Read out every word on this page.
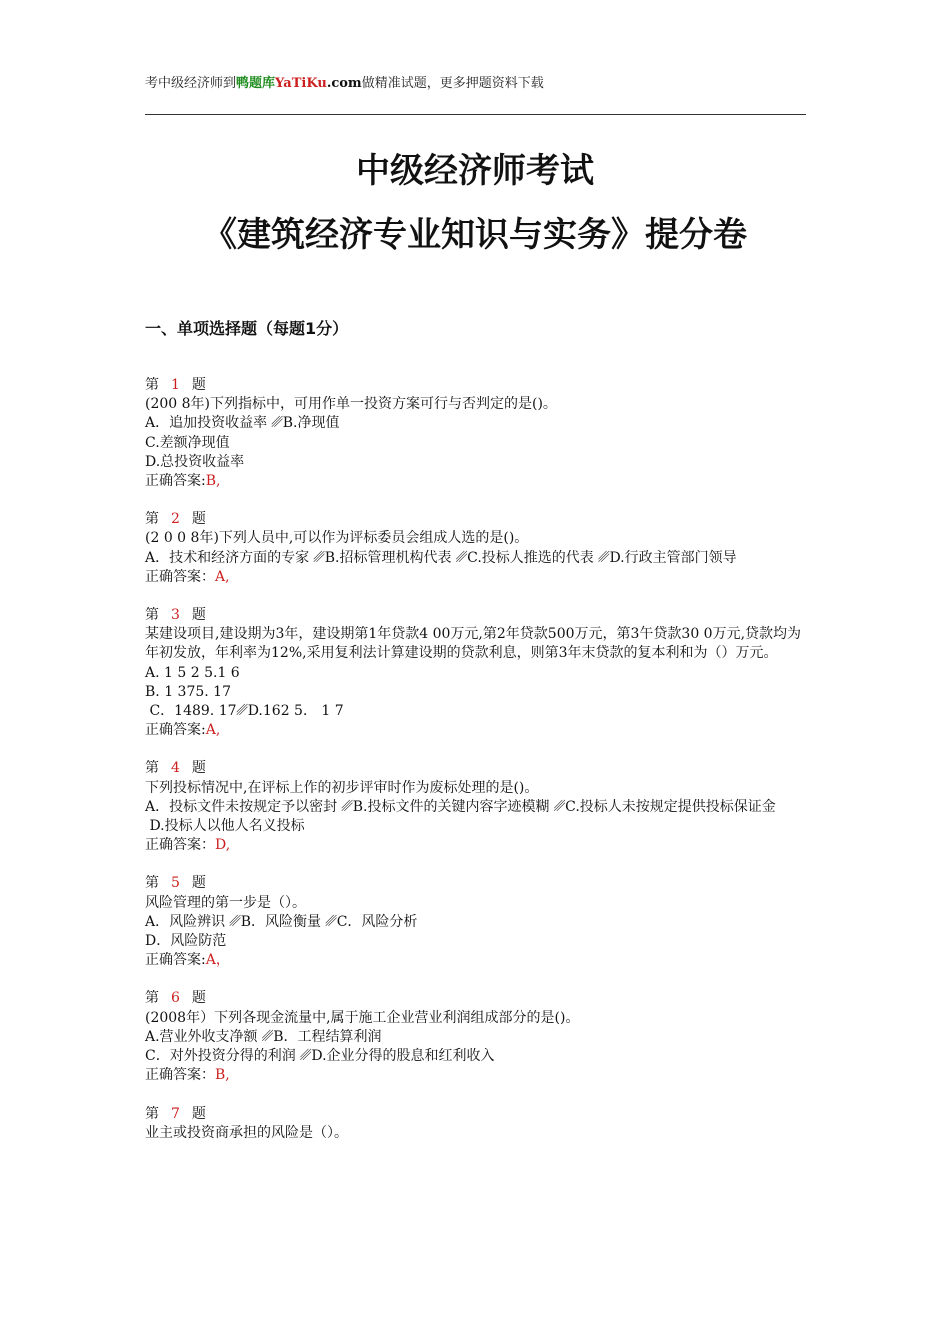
考中级经济师到鸭题库YaTiKu.com做精准试题，更多押题资料下载
中级经济师考试
《建筑经济专业知识与实务》提分卷
一、单项选择题（每题1分）
第 1 题
(200 8年)下列指标中，可用作单一投资方案可行与否判定的是()。
A．追加投资收益率 ␥B.净现值
C.差额净现值
D.总投资收益率
正确答案:B,
第 2 题
(2 0 0 8年)下列人员中,可以作为评标委员会组成人选的是()。
A．技术和经济方面的专家 ␥B.招标管理机构代表 ␥C.投标人推选的代表 ␥D.行政主管部门领导
正确答案：A,
第 3 题
某建设项目,建设期为3年，建设期第1年贷款4 00万元,第2年贷款500万元，第3午贷款30 0万元,贷款均为年初发放，年利率为12%,采用复利法计算建设期的贷款利息，则第3年末贷款的复本利和为（）万元。
A. 1 5 2 5.1 6
B. 1 375. 17
C．1489. 17␥D.162 5． 1 7
正确答案:A,
第 4 题
下列投标情况中,在评标上作的初步评审时作为废标处理的是()。
A．投标文件未按规定予以密封 ␥B.投标文件的关键内容字迹模糊 ␥C.投标人未按规定提供投标保证金
D.投标人以他人名义投标
正确答案：D,
第 5 题
风险管理的第一步是（）。
A．风险辨识 ␥B．风险衡量 ␥C．风险分析
D．风险防范
正确答案:A，
第 6 题
(2008年）下列各现金流量中,属于施工企业营业利润组成部分的是()。
A.营业外收支净额 ␥B．工程结算利润
C．对外投资分得的利润 ␥D.企业分得的股息和红利收入
正确答案：B,
第 7 题
业主或投资商承担的风险是（）。
